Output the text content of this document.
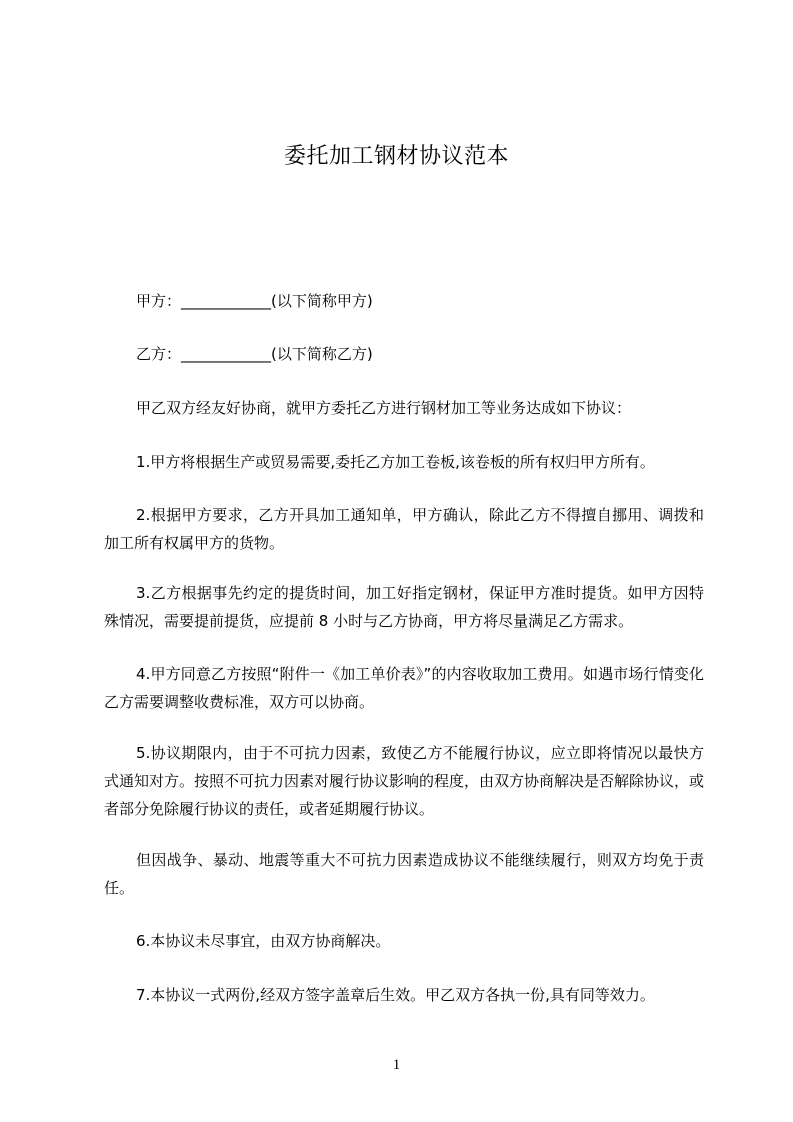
委托加工钢材协议范本

甲方：____________(以下简称甲方)

乙方：____________(以下简称乙方)

甲乙双方经友好协商，就甲方委托乙方进行钢材加工等业务达成如下协议：

1.甲方将根据生产或贸易需要,委托乙方加工卷板,该卷板的所有权归甲方所有。

2.根据甲方要求，乙方开具加工通知单，甲方确认，除此乙方不得擅自挪用、调拨和加工所有权属甲方的货物。

3.乙方根据事先约定的提货时间，加工好指定钢材，保证甲方准时提货。如甲方因特殊情况，需要提前提货，应提前 8 小时与乙方协商，甲方将尽量满足乙方需求。

4.甲方同意乙方按照“附件一《加工单价表》”的内容收取加工费用。如遇市场行情变化乙方需要调整收费标准，双方可以协商。

5.协议期限内，由于不可抗力因素，致使乙方不能履行协议，应立即将情况以最快方式通知对方。按照不可抗力因素对履行协议影响的程度，由双方协商解决是否解除协议，或者部分免除履行协议的责任，或者延期履行协议。

但因战争、暴动、地震等重大不可抗力因素造成协议不能继续履行，则双方均免于责任。

6.本协议未尽事宜，由双方协商解决。

7.本协议一式两份,经双方签字盖章后生效。甲乙双方各执一份,具有同等效力。

1
